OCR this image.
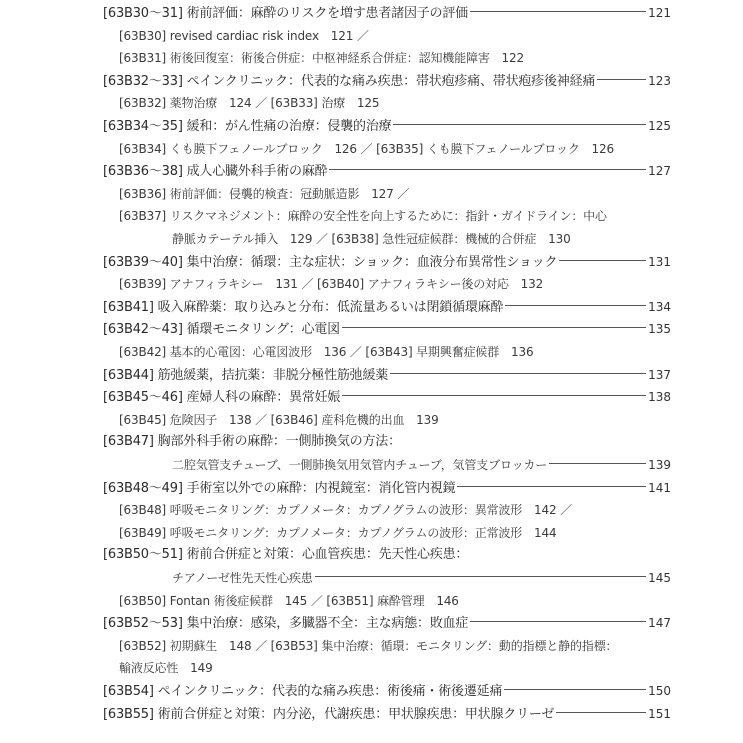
[63B30～31] 術前評価：麻酔のリスクを増す患者諸因子の評価	121
[63B30] revised cardiac risk index　121 ／
[63B31] 術後回復室：術後合併症：中枢神経系合併症：認知機能障害　122
[63B32～33] ペインクリニック：代表的な痛み疾患：帯状疱疹痛、帯状疱疹後神経痛	123
[63B32] 薬物治療　124 ／ [63B33] 治療　125
[63B34～35] 緩和：がん性痛の治療：侵襲的治療	125
[63B34] くも膜下フェノールブロック　126 ／ [63B35] くも膜下フェノールブロック　126
[63B36～38] 成人心臓外科手術の麻酔	127
[63B36] 術前評価：侵襲的検査：冠動脈造影　127 ／
[63B37] リスクマネジメント：麻酔の安全性を向上するために：指針・ガイドライン：中心
静脈カテーテル挿入　129 ／ [63B38] 急性冠症候群：機械的合併症　130
[63B39～40] 集中治療：循環：主な症状：ショック：血液分布異常性ショック	131
[63B39] アナフィラキシー　131 ／ [63B40] アナフィラキシー後の対応　132
[63B41] 吸入麻酔薬：取り込みと分布：低流量あるいは閉鎖循環麻酔	134
[63B42～43] 循環モニタリング：心電図	135
[63B42] 基本的心電図：心電図波形　136 ／ [63B43] 早期興奮症候群　136
[63B44] 筋弛緩薬，拮抗薬：非脱分極性筋弛緩薬	137
[63B45～46] 産婦人科の麻酔：異常妊娠	138
[63B45] 危険因子　138 ／ [63B46] 産科危機的出血　139
[63B47] 胸部外科手術の麻酔：一側肺換気の方法：
二腔気管支チューブ、一側肺換気用気管内チューブ，気管支ブロッカー	139
[63B48～49] 手術室以外での麻酔：内視鏡室：消化管内視鏡	141
[63B48] 呼吸モニタリング：カプノメータ：カプノグラムの波形：異常波形　142 ／
[63B49] 呼吸モニタリング：カプノメータ：カプノグラムの波形：正常波形　144
[63B50～51] 術前合併症と対策：心血管疾患：先天性心疾患：
チアノーゼ性先天性心疾患	145
[63B50] Fontan 術後症候群　145 ／ [63B51] 麻酔管理　146
[63B52～53] 集中治療：感染，多臓器不全：主な病態：敗血症	147
[63B52] 初期蘇生　148 ／ [63B53] 集中治療：循環：モニタリング：動的指標と静的指標：
輸液反応性　149
[63B54] ペインクリニック：代表的な痛み疾患：術後痛・術後遷延痛	150
[63B55] 術前合併症と対策：内分泌，代謝疾患：甲状腺疾患：甲状腺クリーゼ	151
